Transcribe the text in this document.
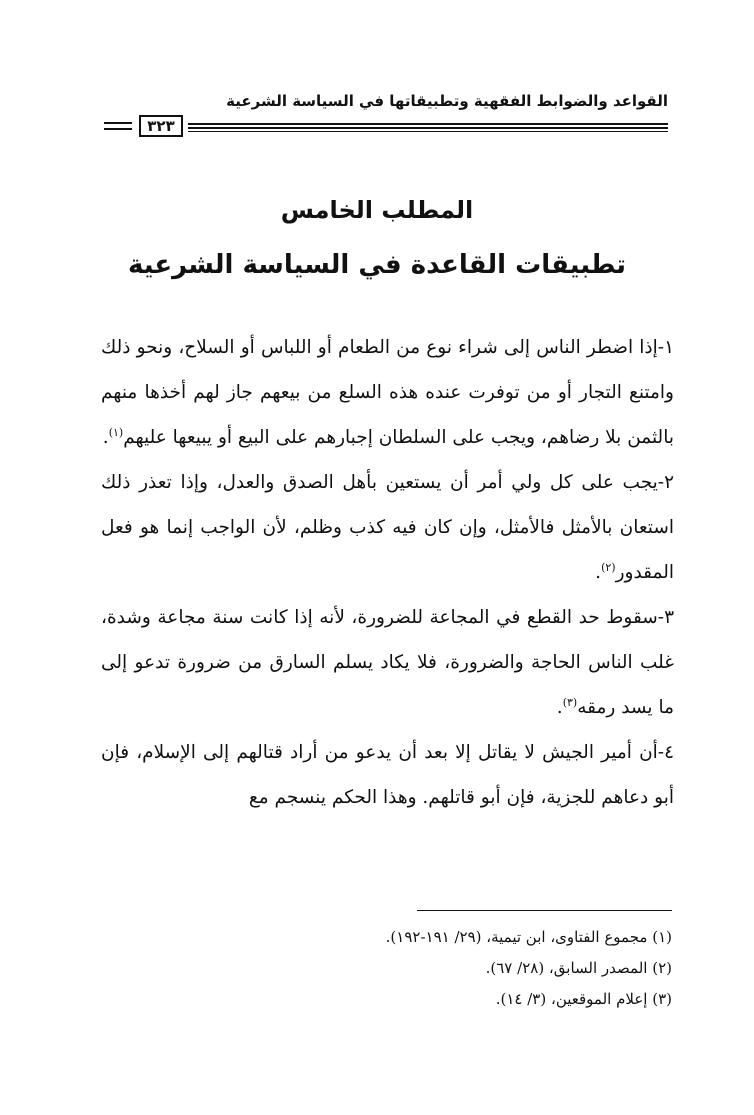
القواعد والضوابط الفقهية وتطبيقاتها في السياسة الشرعية
٣٢٣
المطلب الخامس
تطبيقات القاعدة في السياسة الشرعية

١-إذا اضطر الناس إلى شراء نوع من الطعام أو اللباس أو السلاح، ونحو ذلك وامتنع التجار أو من توفرت عنده هذه السلع من بيعهم جاز لهم أخذها منهم بالثمن بلا رضاهم، ويجب على السلطان إجبارهم على البيع أو يبيعها عليهم$^{(١)}$.

٢-يجب على كل ولي أمر أن يستعين بأهل الصدق والعدل، وإذا تعذر ذلك استعان بالأمثل فالأمثل، وإن كان فيه كذب وظلم، لأن الواجب إنما هو فعل المقدور$^{(٢)}$.

٣-سقوط حد القطع في المجاعة للضرورة، لأنه إذا كانت سنة مجاعة وشدة، غلب الناس الحاجة والضرورة، فلا يكاد يسلم السارق من ضرورة تدعو إلى ما يسد رمقه$^{(٣)}$.

٤-أن أمير الجيش لا يقاتل إلا بعد أن يدعو من أراد قتالهم إلى الإسلام، فإن أبو دعاهم للجزية، فإن أبو قاتلهم. وهذا الحكم ينسجم مع

(١) مجموع الفتاوى، ابن تيمية، (٢٩/ ١٩١-١٩٢).
(٢) المصدر السابق، (٢٨/ ٦٧).
(٣) إعلام الموقعين، (٣/ ١٤).
